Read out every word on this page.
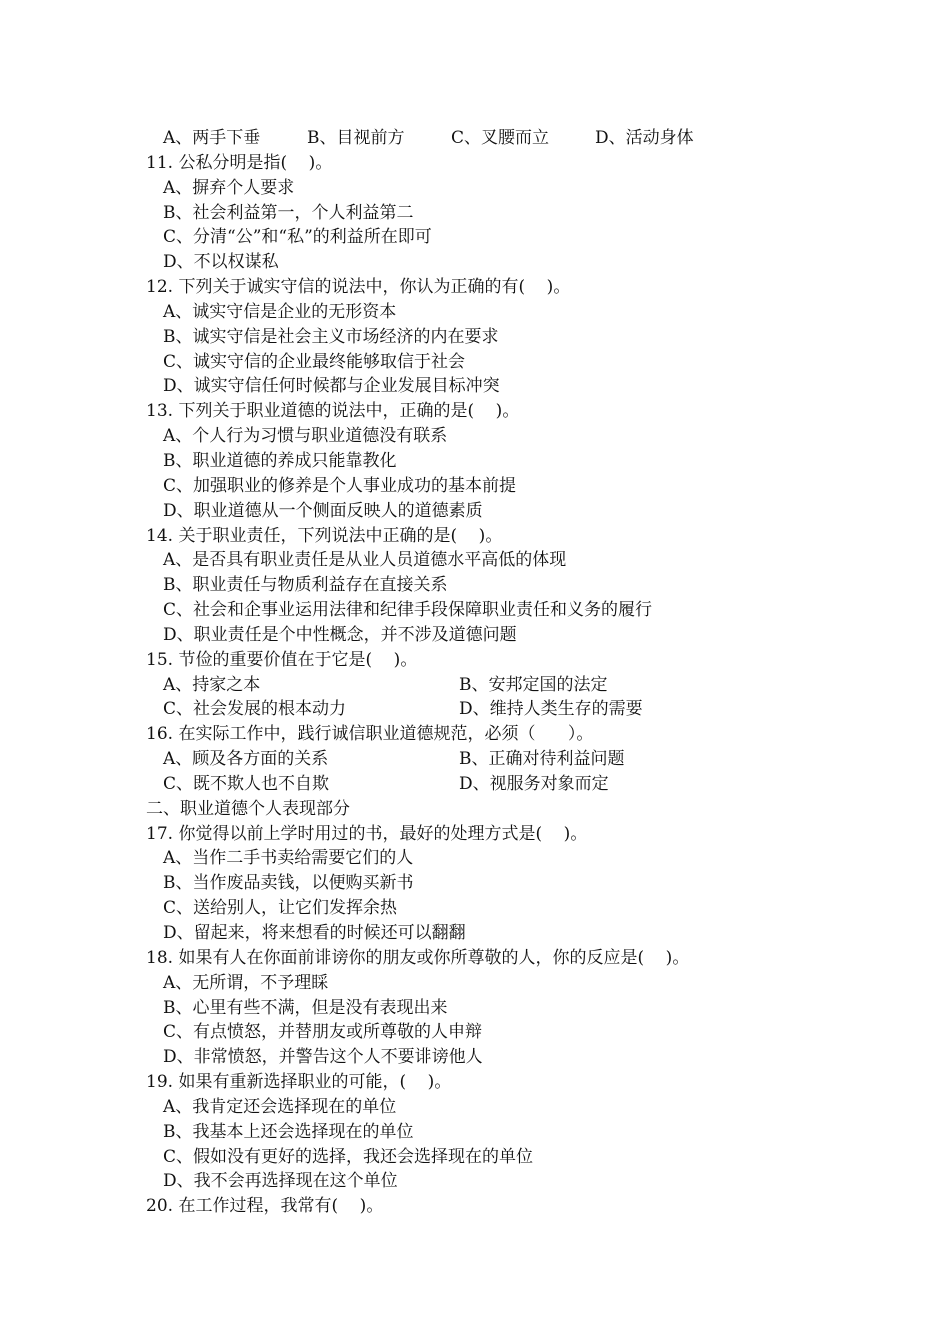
A、两手下垂	B、目视前方	C、叉腰而立	D、活动身体
11. 公私分明是指(    )。
A、摒弃个人要求
B、社会利益第一，个人利益第二
C、分清“公”和“私”的利益所在即可
D、不以权谋私
12. 下列关于诚实守信的说法中，你认为正确的有(    )。
A、诚实守信是企业的无形资本
B、诚实守信是社会主义市场经济的内在要求
C、诚实守信的企业最终能够取信于社会
D、诚实守信任何时候都与企业发展目标冲突
13. 下列关于职业道德的说法中，正确的是(    )。
A、个人行为习惯与职业道德没有联系
B、职业道德的养成只能靠教化
C、加强职业的修养是个人事业成功的基本前提
D、职业道德从一个侧面反映人的道德素质
14. 关于职业责任，下列说法中正确的是(    )。
A、是否具有职业责任是从业人员道德水平高低的体现
B、职业责任与物质利益存在直接关系
C、社会和企事业运用法律和纪律手段保障职业责任和义务的履行
D、职业责任是个中性概念，并不涉及道德问题
15. 节俭的重要价值在于它是(    )。
A、持家之本	B、安邦定国的法定
C、社会发展的根本动力	D、维持人类生存的需要
16. 在实际工作中，践行诚信职业道德规范，必须（      ）。
A、顾及各方面的关系	B、正确对待利益问题
C、既不欺人也不自欺	D、视服务对象而定
二、职业道德个人表现部分
17. 你觉得以前上学时用过的书，最好的处理方式是(    )。
A、当作二手书卖给需要它们的人
B、当作废品卖钱，以便购买新书
C、送给别人，让它们发挥余热
D、留起来，将来想看的时候还可以翻翻
18. 如果有人在你面前诽谤你的朋友或你所尊敬的人，你的反应是(    )。
A、无所谓，不予理睬
B、心里有些不满，但是没有表现出来
C、有点愤怒，并替朋友或所尊敬的人申辩
D、非常愤怒，并警告这个人不要诽谤他人
19. 如果有重新选择职业的可能，(    )。
A、我肯定还会选择现在的单位
B、我基本上还会选择现在的单位
C、假如没有更好的选择，我还会选择现在的单位
D、我不会再选择现在这个单位
20. 在工作过程，我常有(    )。
